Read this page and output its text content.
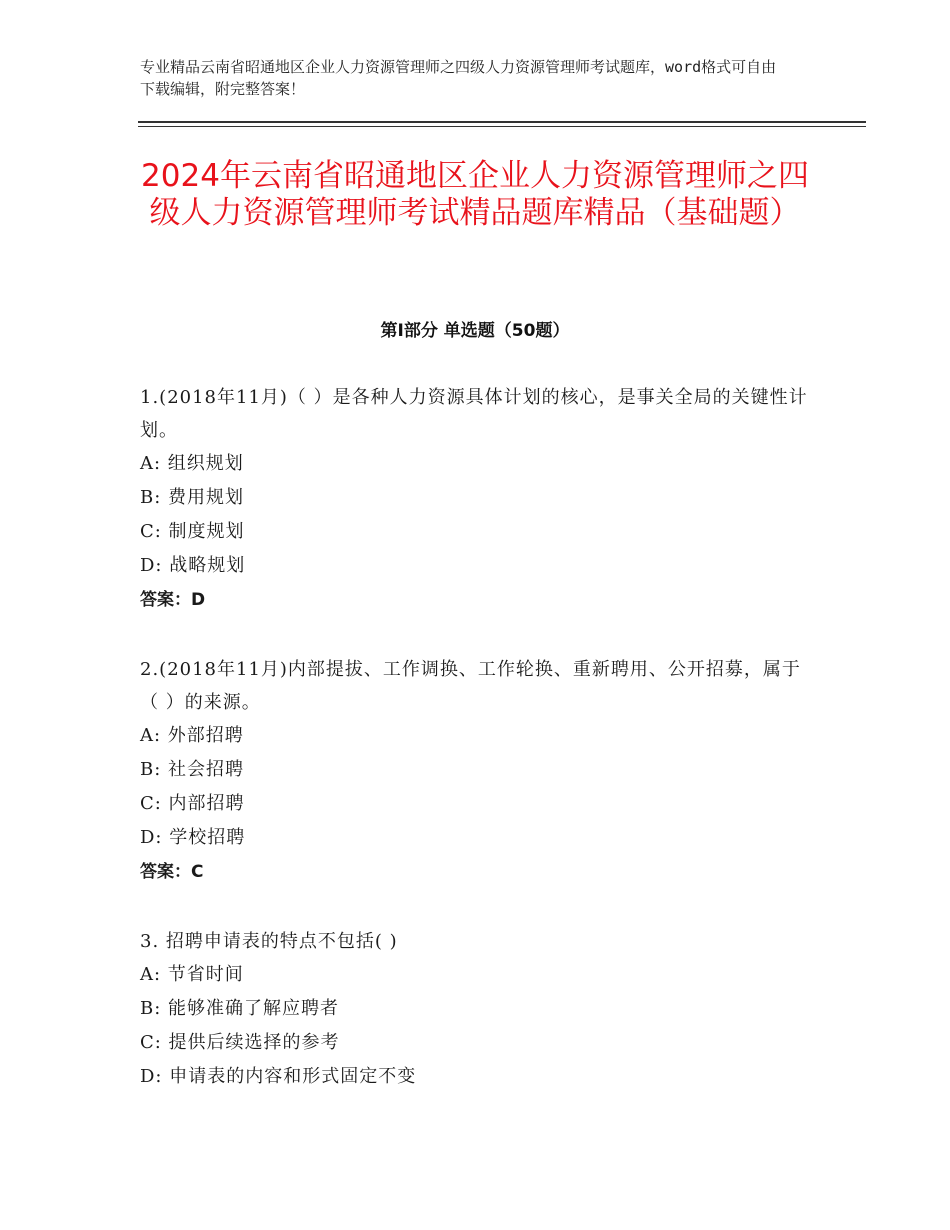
专业精品云南省昭通地区企业人力资源管理师之四级人力资源管理师考试题库，word格式可自由下载编辑，附完整答案！
2024年云南省昭通地区企业人力资源管理师之四级人力资源管理师考试精品题库精品（基础题）
第Ⅰ部分 单选题（50题）
1.(2018年11月)（ ）是各种人力资源具体计划的核心，是事关全局的关键性计划。
A: 组织规划
B: 费用规划
C: 制度规划
D: 战略规划
答案：D
2.(2018年11月)内部提拔、工作调换、工作轮换、重新聘用、公开招募，属于（ ）的来源。
A: 外部招聘
B: 社会招聘
C: 内部招聘
D: 学校招聘
答案：C
3. 招聘申请表的特点不包括( )
A: 节省时间
B: 能够准确了解应聘者
C: 提供后续选择的参考
D: 申请表的内容和形式固定不变
